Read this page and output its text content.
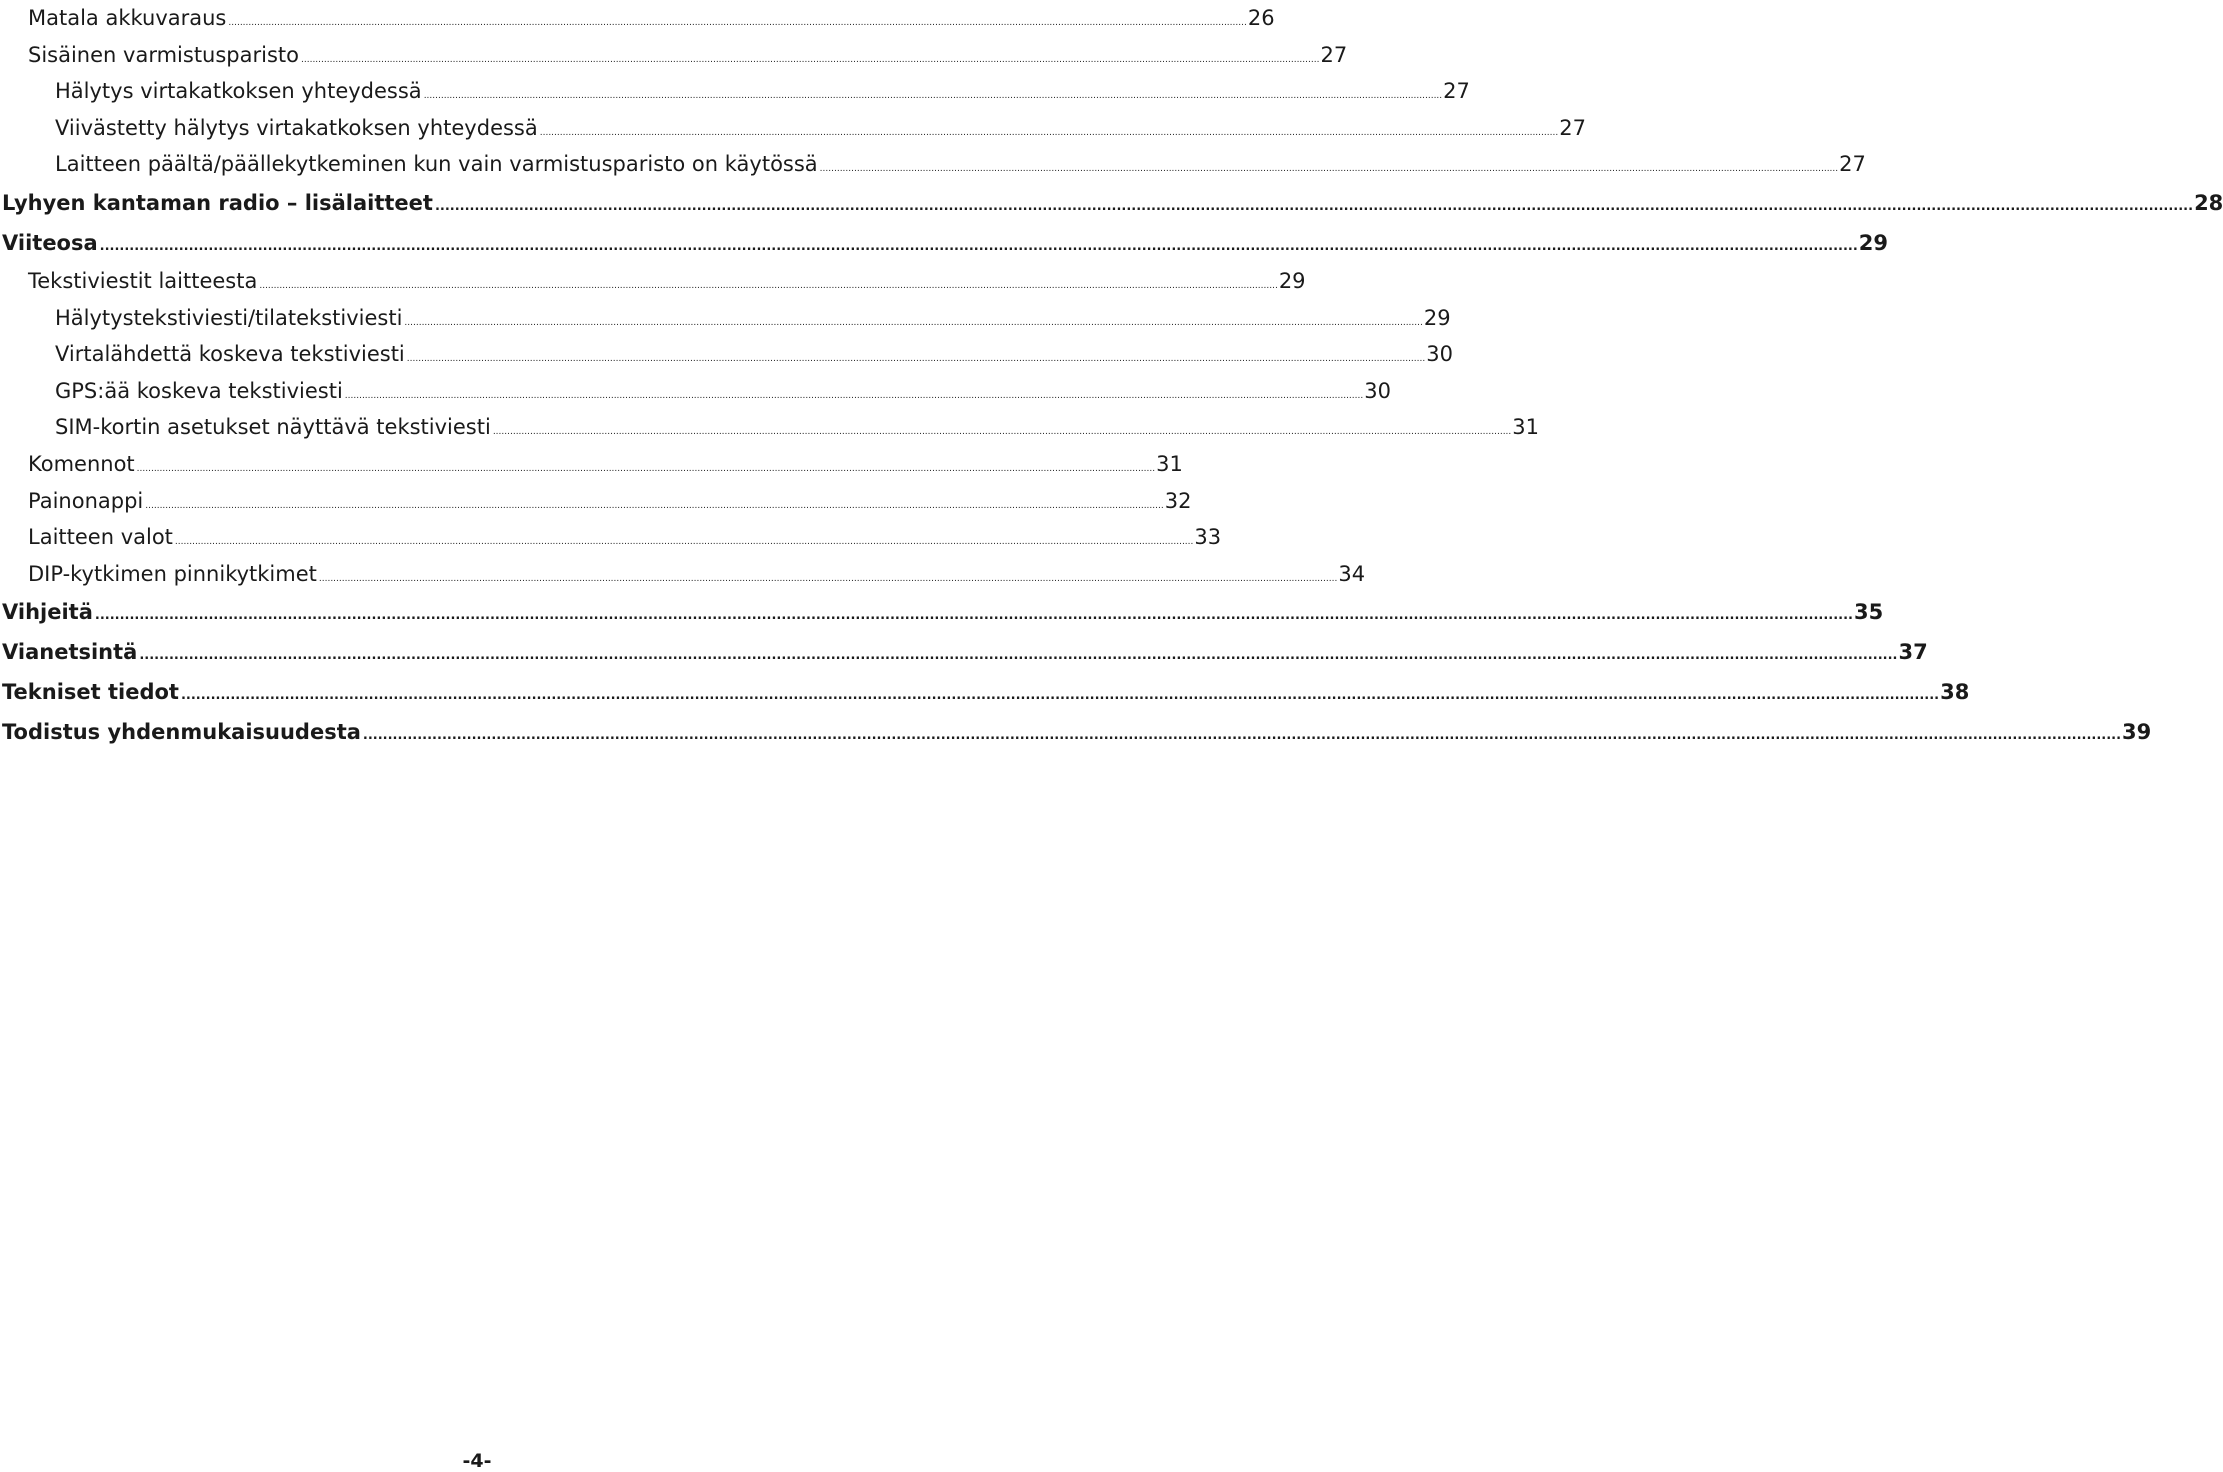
Matala akkuvaraus .................................................................................................................................................................................................................................................................................................................................................................... 26
Sisäinen varmistusparisto .................................................................................................................................................................................................................................................................................................................................................................... 27
Hälytys virtakatkoksen yhteydessä .................................................................................................................................................................................................................................................................................................................................................................... 27
Viivästetty hälytys virtakatkoksen yhteydessä .................................................................................................................................................................................................................................................................................................................................................................... 27
Laitteen päältä/päällekytkeminen kun vain varmistusparisto on käytössä .................................................................................................................................................................................................................................................................................................................................................................... 27
Lyhyen kantaman radio – lisälaitteet .................................................................................................................................................................................................................................................................................................................................................................... 28
Viiteosa .................................................................................................................................................................................................................................................................................................................................................................... 29
Tekstiviestit laitteesta .................................................................................................................................................................................................................................................................................................................................................................... 29
Hälytystekstiviesti/tilatekstiviesti .................................................................................................................................................................................................................................................................................................................................................................... 29
Virtalähdettä koskeva tekstiviesti .................................................................................................................................................................................................................................................................................................................................................................... 30
GPS:ää koskeva tekstiviesti .................................................................................................................................................................................................................................................................................................................................................................... 30
SIM-kortin asetukset näyttävä tekstiviesti .................................................................................................................................................................................................................................................................................................................................................................... 31
Komennot .................................................................................................................................................................................................................................................................................................................................................................... 31
Painonappi .................................................................................................................................................................................................................................................................................................................................................................... 32
Laitteen valot .................................................................................................................................................................................................................................................................................................................................................................... 33
DIP-kytkimen pinnikytkimet .................................................................................................................................................................................................................................................................................................................................................................... 34
Vihjeitä .................................................................................................................................................................................................................................................................................................................................................................... 35
Vianetsintä .................................................................................................................................................................................................................................................................................................................................................................... 37
Tekniset tiedot .................................................................................................................................................................................................................................................................................................................................................................... 38
Todistus yhdenmukaisuudesta .................................................................................................................................................................................................................................................................................................................................................................... 39
-4-
